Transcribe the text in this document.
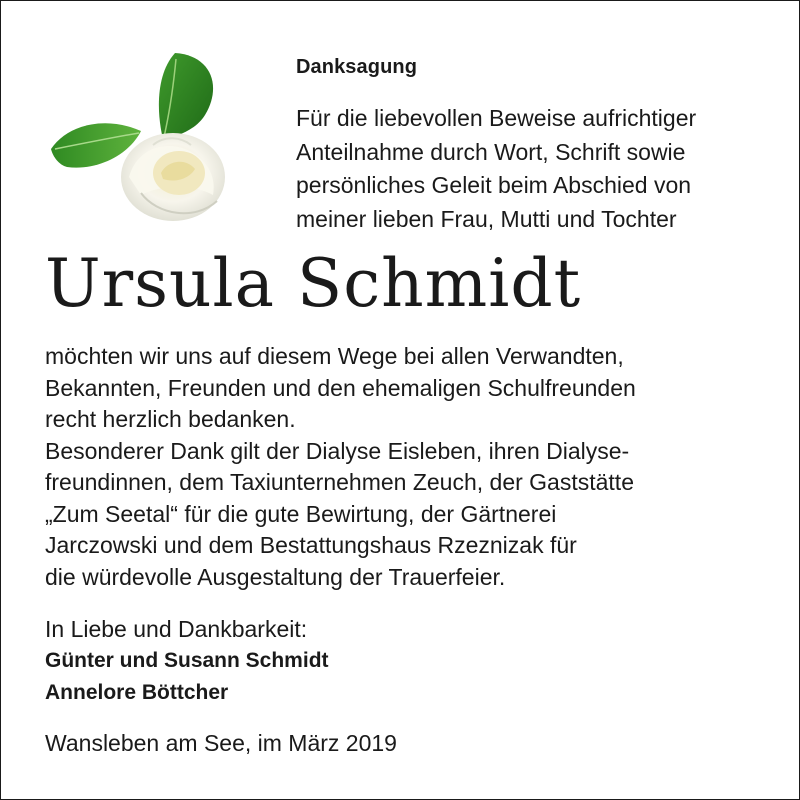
Danksagung
Für die liebevollen Beweise aufrichtiger
Anteilnahme durch Wort, Schrift sowie
persönliches Geleit beim Abschied von
meiner lieben Frau, Mutti und Tochter
Ursula Schmidt
möchten wir uns auf diesem Wege bei allen Verwandten,
Bekannten, Freunden und den ehemaligen Schulfreunden
recht herzlich bedanken.
Besonderer Dank gilt der Dialyse Eisleben, ihren Dialyse-
freundinnen, dem Taxiunternehmen Zeuch, der Gaststätte
„Zum Seetal“ für die gute Bewirtung, der Gärtnerei
Jarczowski und dem Bestattungshaus Rzeznizak für
die würdevolle Ausgestaltung der Trauerfeier.
In Liebe und Dankbarkeit:
Günter und Susann Schmidt
Annelore Böttcher
Wansleben am See, im März 2019
